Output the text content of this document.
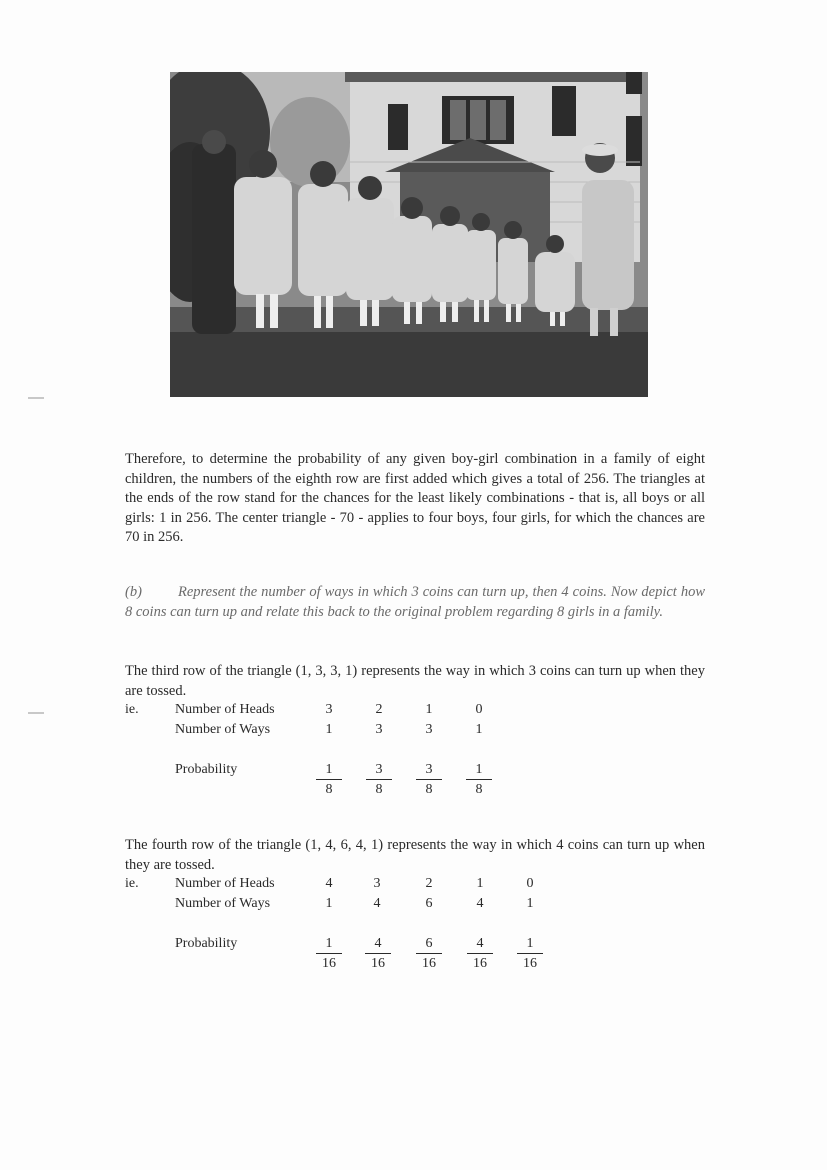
Therefore, to determine the probability of any given boy-girl combination in a family of eight children, the numbers of the eighth row are first added which gives a total of 256. The triangles at the ends of the row stand for the chances for the least likely combinations - that is, all boys or all girls: 1 in 256. The center triangle - 70 - applies to four boys, four girls, for which the chances are 70 in 256.

(b) Represent the number of ways in which 3 coins can turn up, then 4 coins. Now depict how 8 coins can turn up and relate this back to the original problem regarding 8 girls in a family.

The third row of the triangle (1, 3, 3, 1) represents the way in which 3 coins can turn up when they are tossed.

ie.	Number of Heads	3	2	1	0
Number of Ways	1	3	3	1
Probability	$\frac{1}{8} \frac{3}{8} \frac{3}{8} \frac{1}{8}$

The fourth row of the triangle (1, 4, 6, 4, 1) represents the way in which 4 coins can turn up when they are tossed.

ie.	Number of Heads	4	3	2	1	0
Number of Ways	1	4	6	4	1
Probability	$\frac{1}{16} \frac{4}{16} \frac{6}{16} \frac{4}{16} \frac{1}{16}$
